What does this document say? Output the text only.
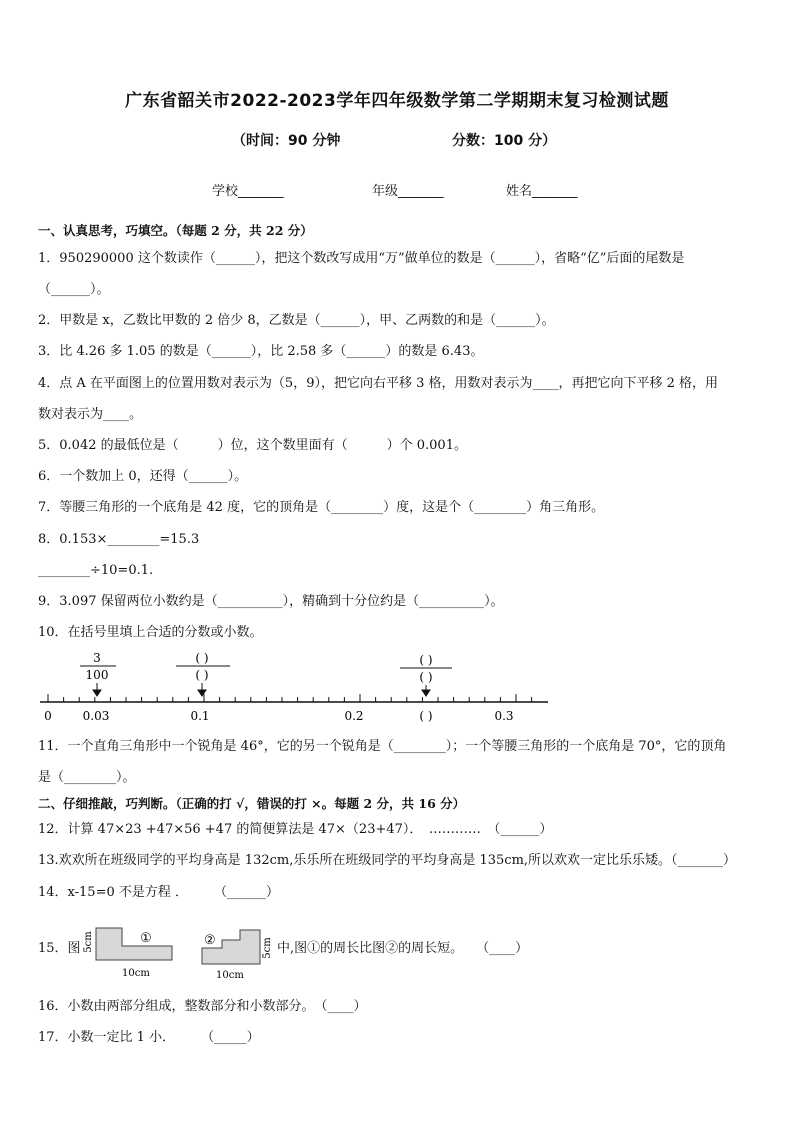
广东省韶关市2022-2023学年四年级数学第二学期期末复习检测试题
（时间：90 分钟	分数：100 分）
学校_______	年级_______	姓名_______
一、认真思考，巧填空。（每题 2 分，共 22 分）
1．950290000 这个数读作（______），把这个数改写成用“万”做单位的数是（______），省略“亿”后面的尾数是
（______）。
2．甲数是 x，乙数比甲数的 2 倍少 8，乙数是（______），甲、乙两数的和是（______）。
3．比 4.26 多 1.05 的数是（______），比 2.58 多（______）的数是 6.43。
4．点 A 在平面图上的位置用数对表示为（5，9），把它向右平移 3 格，用数对表示为____，再把它向下平移 2 格，用
数对表示为____。
5．0.042 的最低位是（　　　）位，这个数里面有（　　　）个 0.001。
6．一个数加上 0，还得（______）。
7．等腰三角形的一个底角是 42 度，它的顶角是（________）度，这是个（________）角三角形。
8．0.153×________=15.3
________÷10=0.1.
9．3.097 保留两位小数约是（__________），精确到十分位约是（__________）。
10．在括号里填上合适的分数或小数。
3
100
( )
( )
( )
( )
0	0.03	0.1	0.2	( )	0.3
11．一个直角三角形中一个锐角是 46°，它的另一个锐角是（________）；一个等腰三角形的一个底角是 70°，它的顶角
是（________）。
二、仔细推敲，巧判断。（正确的打 √，错误的打 ×。每题 2 分，共 16 分）
12．计算 47×23 +47×56 +47 的简便算法是 47×（23+47）．　…………　（______）
13.欢欢所在班级同学的平均身高是 132cm,乐乐所在班级同学的平均身高是 135cm,所以欢欢一定比乐乐矮。（_______）
14．x-15=0 不是方程 ．　　　（______）
15．图 5cm	①
10cm
②	5cm
10cm
中,图①的周长比图②的周长短。　　（____）
16．小数由两部分组成，整数部分和小数部分。　（____）
17．小数一定比 1 小．　　　（_____）
